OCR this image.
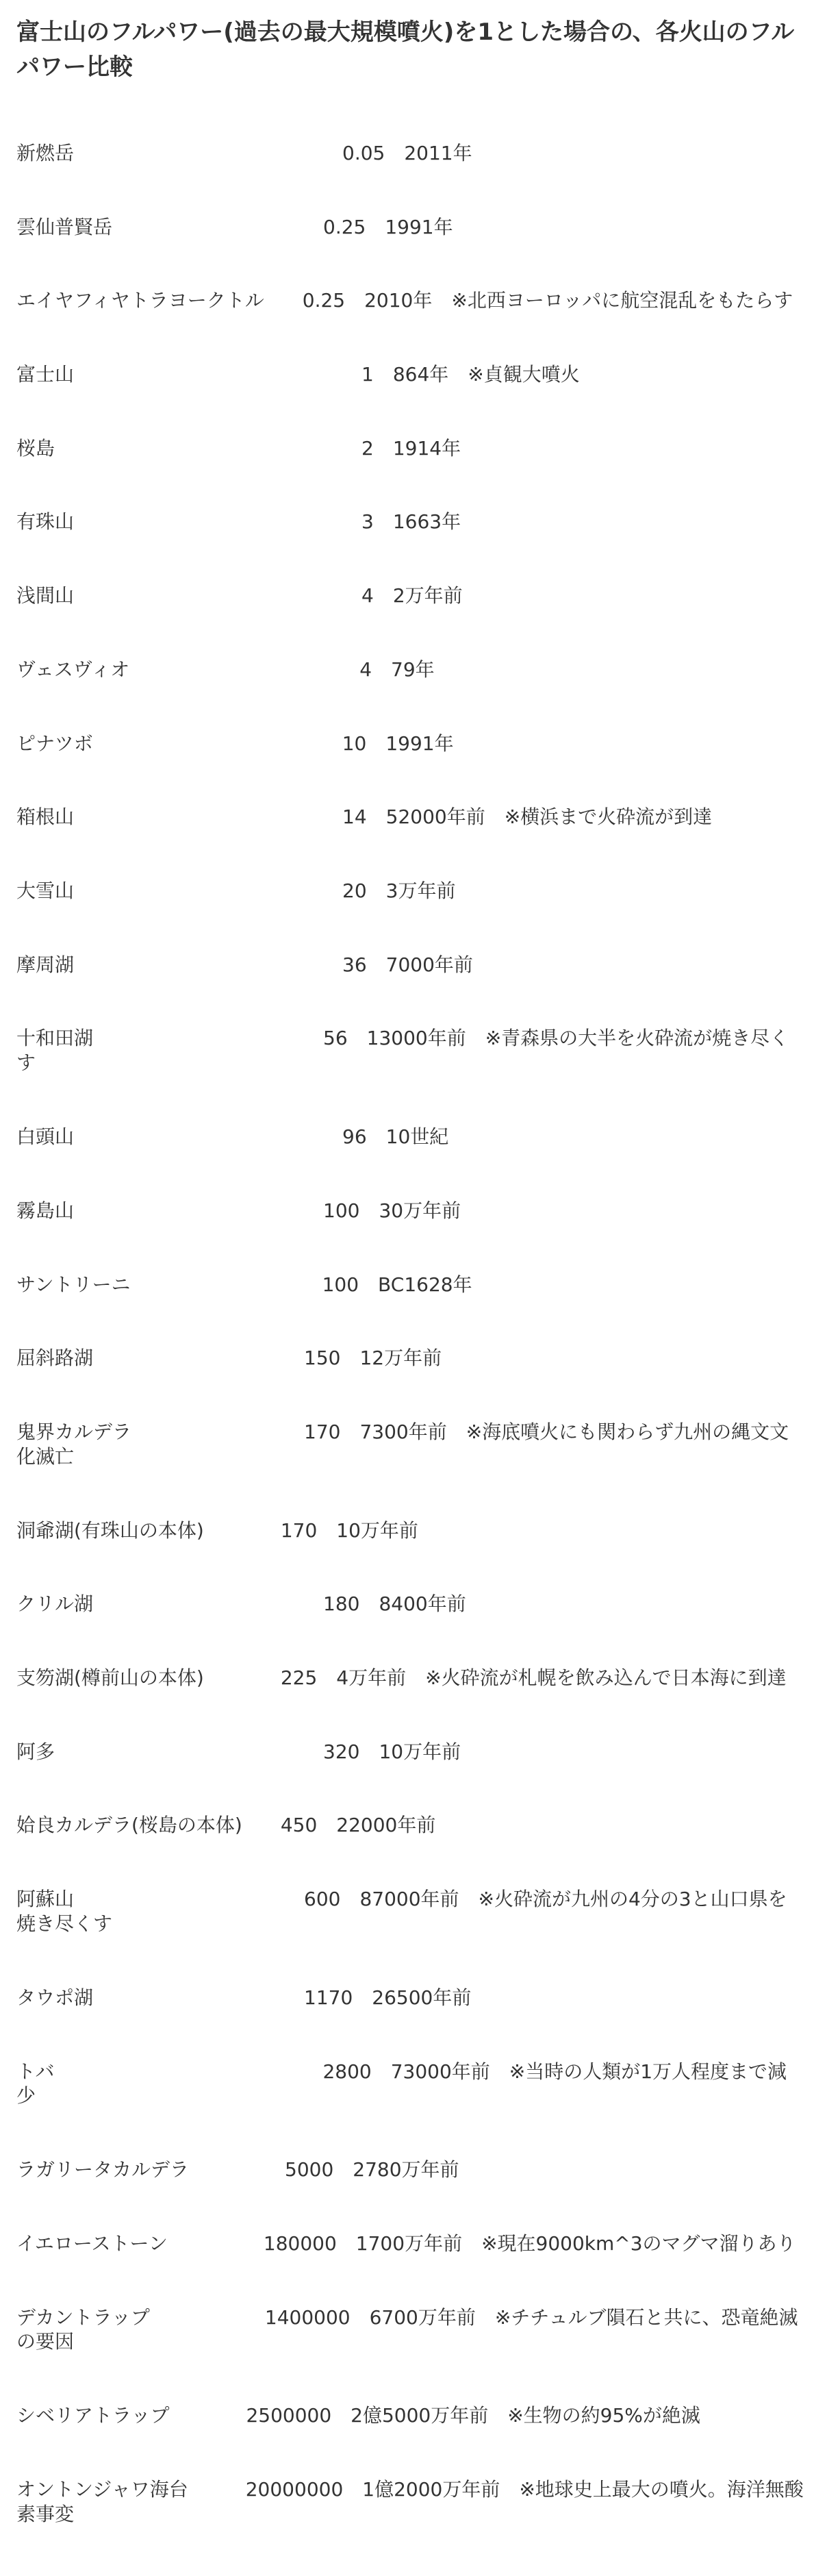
富士山のフルパワー(過去の最大規模噴火)を1とした場合の、各火山のフルパワー比較

新燃岳　　　　　　　　　　　　　　0.05　2011年

雲仙普賢岳　　　　　　　　　　　0.25　1991年

エイヤフィヤトラヨークトル　　0.25　2010年　※北西ヨーロッパに航空混乱をもたらす

富士山　　　　　　　　　　　　　　　1　864年　※貞観大噴火

桜島　　　　　　　　　　　　　　　　2　1914年

有珠山　　　　　　　　　　　　　　　3　1663年

浅間山　　　　　　　　　　　　　　　4　2万年前

ヴェスヴィオ　　　　　　　　　　　　4　79年

ピナツボ　　　　　　　　　　　　　10　1991年

箱根山　　　　　　　　　　　　　　14　52000年前　※横浜まで火砕流が到達

大雪山　　　　　　　　　　　　　　20　3万年前

摩周湖　　　　　　　　　　　　　　36　7000年前

十和田湖　　　　　　　　　　　　56　13000年前　※青森県の大半を火砕流が焼き尽くす

白頭山　　　　　　　　　　　　　　96　10世紀

霧島山　　　　　　　　　　　　　100　30万年前

サントリーニ　　　　　　　　　　100　BC1628年

屈斜路湖　　　　　　　　　　　150　12万年前

鬼界カルデラ　　　　　　　　　170　7300年前　※海底噴火にも関わらず九州の縄文文化滅亡

洞爺湖(有珠山の本体)　　　　170　10万年前

クリル湖　　　　　　　　　　　　180　8400年前

支笏湖(樽前山の本体)　　　　225　4万年前　※火砕流が札幌を飲み込んで日本海に到達

阿多　　　　　　　　　　　　　　320　10万年前

姶良カルデラ(桜島の本体)　　450　22000年前

阿蘇山　　　　　　　　　　　　600　87000年前　※火砕流が九州の4分の3と山口県を焼き尽くす

タウポ湖　　　　　　　　　　　1170　26500年前

トバ　　　　　　　　　　　　　　2800　73000年前　※当時の人類が1万人程度まで減少

ラガリータカルデラ　　　　　5000　2780万年前

イエローストーン　　　　　180000　1700万年前　※現在9000km^3のマグマ溜りあり

デカントラップ　　　　　　1400000　6700万年前　※チチュルブ隕石と共に、恐竜絶滅の要因

シベリアトラップ　　　　2500000　2億5000万年前　※生物の約95%が絶滅

オントンジャワ海台　　　20000000　1億2000万年前　※地球史上最大の噴火。海洋無酸素事変
